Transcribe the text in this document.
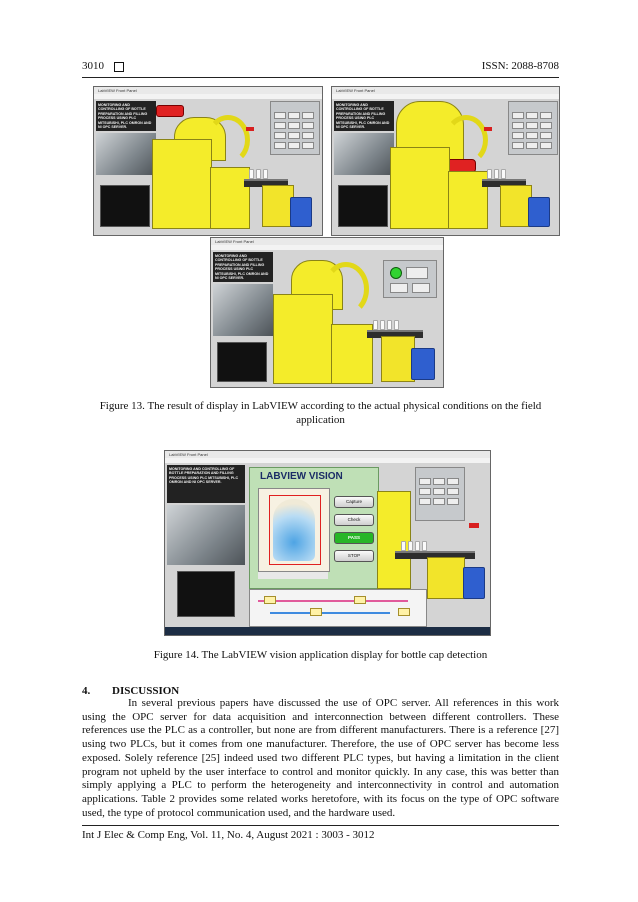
3010	ISSN: 2088-8708
LabVIEW Front Panel
MONITORING AND CONTROLLING OF BOTTLE PREPARATION AND FILLING PROCESS USING PLC MITSUBISHI, PLC OMRON AND NI OPC SERVER.
LabVIEW Front Panel
MONITORING AND CONTROLLING OF BOTTLE PREPARATION AND FILLING PROCESS USING PLC MITSUBISHI, PLC OMRON AND NI OPC SERVER.
LabVIEW Front Panel
MONITORING AND CONTROLLING OF BOTTLE PREPARATION AND FILLING PROCESS USING PLC MITSUBISHI, PLC OMRON AND NI OPC SERVER.
Figure 13. The result of display in LabVIEW according to the actual physical conditions on the field application
LabVIEW Front Panel
MONITORING AND CONTROLLING OF BOTTLE PREPARATION AND FILLING PROCESS USING PLC MITSUBISHI, PLC OMRON AND NI OPC SERVER.
LABVIEW VISION
Capture
Check
PASS
STOP
Figure 14. The LabVIEW vision application display for bottle cap detection
4. DISCUSSION

In several previous papers have discussed the use of OPC server. All references in this work using the OPC server for data acquisition and interconnection between different controllers. These references use the PLC as a controller, but none are from different manufacturers. There is a reference [27] using two PLCs, but it comes from one manufacturer. Therefore, the use of OPC server has become less exposed. Solely reference [25] indeed used two different PLC types, but having a limitation in the client program not upheld by the user interface to control and monitor quickly. In any case, this was better than simply applying a PLC to perform the heterogeneity and interconnectivity in control and automation applications. Table 2 provides some related works heretofore, with its focus on the type of OPC software used, the type of protocol communication used, and the hardware used.

Int J Elec & Comp Eng, Vol. 11, No. 4, August 2021 : 3003 - 3012
